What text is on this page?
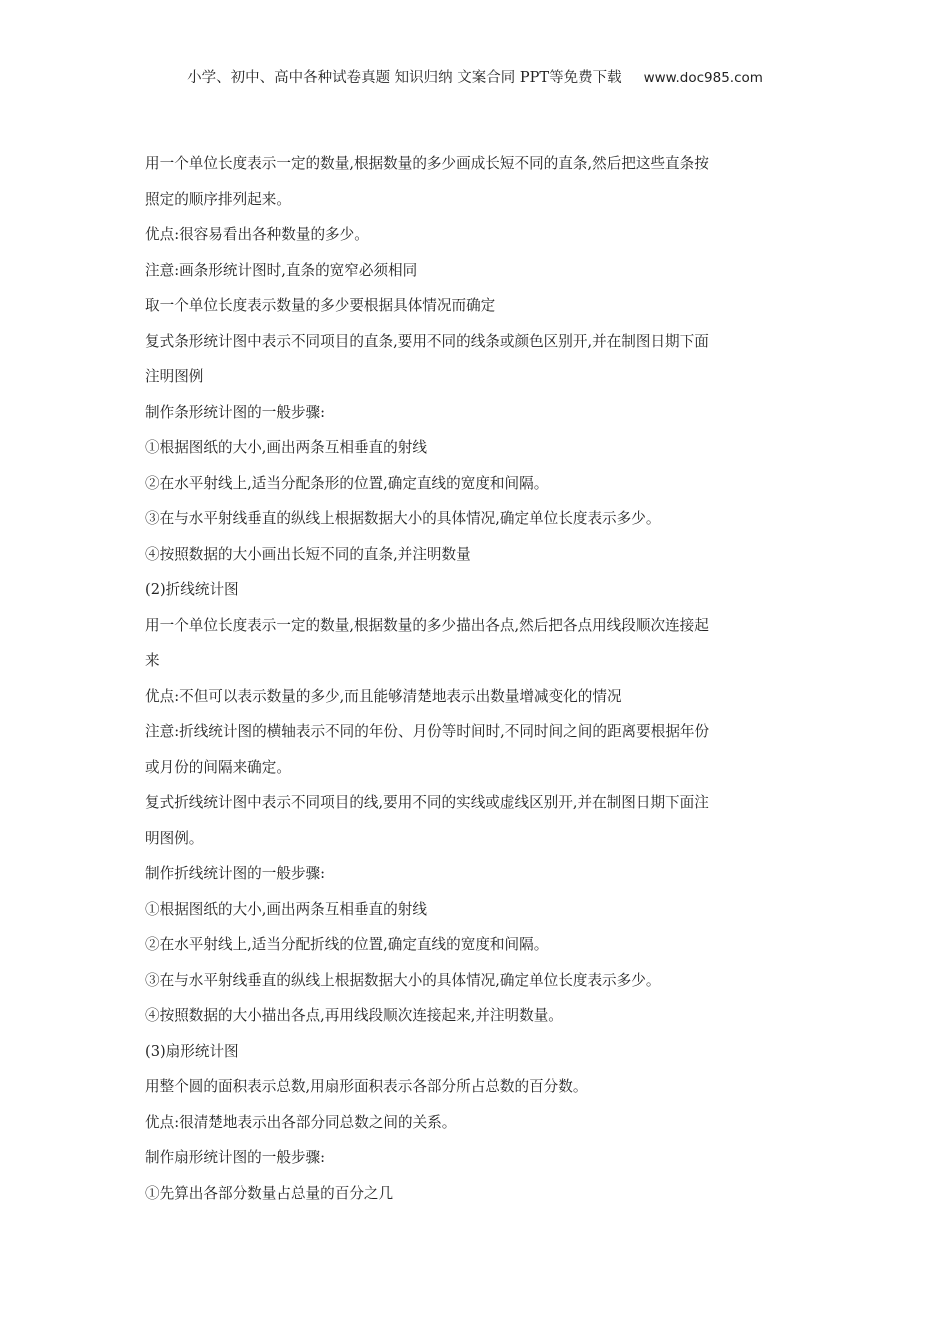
小学、初中、高中各种试卷真题 知识归纳 文案合同 PPT等免费下载 www.doc985.com
用一个单位长度表示一定的数量,根据数量的多少画成长短不同的直条,然后把这些直条按
照定的顺序排列起来。
优点:很容易看出各种数量的多少。
注意:画条形统计图时,直条的宽窄必须相同
取一个单位长度表示数量的多少要根据具体情况而确定
复式条形统计图中表示不同项目的直条,要用不同的线条或颜色区别开,并在制图日期下面
注明图例
制作条形统计图的一般步骤:
①根据图纸的大小,画出两条互相垂直的射线
②在水平射线上,适当分配条形的位置,确定直线的宽度和间隔。
③在与水平射线垂直的纵线上根据数据大小的具体情况,确定单位长度表示多少。
④按照数据的大小画出长短不同的直条,并注明数量
(2)折线统计图
用一个单位长度表示一定的数量,根据数量的多少描出各点,然后把各点用线段顺次连接起
来
优点:不但可以表示数量的多少,而且能够清楚地表示出数量增减变化的情况
注意:折线统计图的横轴表示不同的年份、月份等时间时,不同时间之间的距离要根据年份
或月份的间隔来确定。
复式折线统计图中表示不同项目的线,要用不同的实线或虚线区别开,并在制图日期下面注
明图例。
制作折线统计图的一般步骤:
①根据图纸的大小,画出两条互相垂直的射线
②在水平射线上,适当分配折线的位置,确定直线的宽度和间隔。
③在与水平射线垂直的纵线上根据数据大小的具体情况,确定单位长度表示多少。
④按照数据的大小描出各点,再用线段顺次连接起来,并注明数量。
(3)扇形统计图
用整个圆的面积表示总数,用扇形面积表示各部分所占总数的百分数。
优点:很清楚地表示出各部分同总数之间的关系。
制作扇形统计图的一般步骤:
①先算出各部分数量占总量的百分之几
